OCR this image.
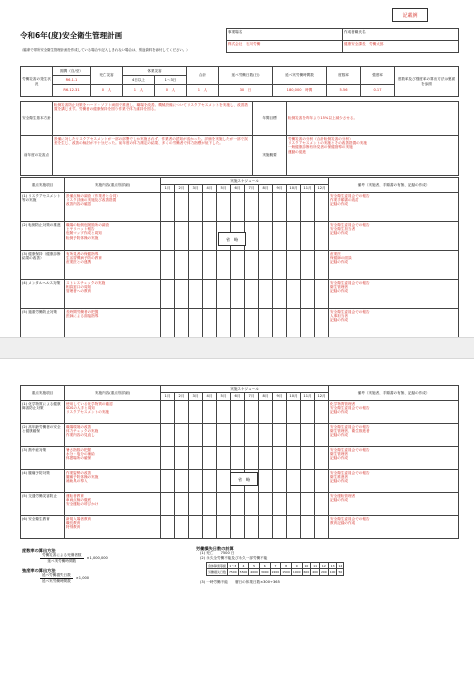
記載例
令和6年(度)安全衛生管理計画
（脇命で帯所安全衛生管理計画を作成している場合や記入しきれない場合は、別途資料を添付してください。）
事業場名	作成者職氏名
株式会社　石川労働	健康安全課長　労働太郎
労働災害の発生状況	期間（自/至）	死亡災害	休業災害		合計	延べ労働日数(日)	延べ実労働時間数	度数率	強度率	度数率及び強度率の算出方法は裏面を参照
	R6.1.1		4日以上	1〜3日						
	R6.12.31	0　人	1　人	0　人	1　人	30　日	180,000　時間	5.56	0.17	
安全衛生基本方針	転倒災害防止対策をハード・ソフト両面で推進し、職場を改善。機械設備についてリスクアセスメントを実施し、改善措置を講じます。労働者の健康保持を図り作業で体力維持を図る。	年間目標	転倒災害を昨年より15%以上減少させる。
前年度の災害点	設備に対したリスクアセスメントが一部の部署でしか実施されず、作業者の認知が浅かった。評価を実施したが一部で誤差を生じ、改善の検討が不十分だった。前年度の体力測定の結果、多くの労働者で体力指標が低下した。	実施概要	労働災害の分析（合計転倒災害の分析）
リスクアセスメントの実施とその改善措置の実施
一般健康診断有所見者の保健指導の実施
運動の促進
重点実施項目	実施内容(重点別詳細)	実施スケジュール												備考（実施者、手順書の有無、記録の作成）
		1月	2月	3月	4月	5月	6月	7月	8月	9月	10月	11月	12月	
(1) リスクアセスメント等の実施	設備点検の調査（作業者と合同）
リスク評価の実施及び改善措置
改善内容の確認													安全衛生委員会での報告
作業手順書の改訂
記録の作成
(2) 転倒防止対策の推進	職場の転倒危険箇所の調査
ヒヤリハット報告
危険マップ作成と周知
転倒予防体操の実施													安全衛生委員会での報告
安全衛生担当者
記録の作成
(3) 健康保持（健康診断結果の改善）	有所見者の保健指導
生活習慣病予防の教育
産業医との連携													産業医
保健師の面談
記録の作成
(4) メンタルヘルス対策	ストレスチェックの実施
相談窓口の周知
管理者への教育													安全衛生委員会での報告
衛生管理者
記録の作成
(5) 過重労働防止対策	長時間労働者の把握
医師による面接指導													安全衛生委員会での報告
人事担当者
記録の作成
省　略
重点実施項目	実施内容(重点別詳細)	実施スケジュール												備考（実施者、手順書の有無、記録の作成）
		1月	2月	3月	4月	5月	6月	7月	8月	9月	10月	11月	12月	
(1) 化学物質による健康障害防止対策	使用している化学物質の確認
SDSの入手と周知
リスクアセスメントの実施													化学物質管理者
安全衛生委員会での報告
記録の作成
(2) 高年齢労働者の安全と健康確保	職場環境の改善
体力チェックの実施
作業内容の見直し													安全衛生委員会での報告
衛生管理者、衛生推進者
記録の作成
(3) 熱中症対策	暑さ指数の把握
水分・塩分の補給
休憩場所の確保													安全衛生委員会での報告
衛生管理者
記録の作成
(4) 腰痛予防対策	作業姿勢の改善
腰痛予防体操の実施
補助具の導入													安全衛生委員会での報告
衛生推進者
記録の作成
(5) 交通労働災害防止	運転者教育
車両点検の徹底
安全運転の呼びかけ													安全運転管理者
記録の作成
(6) 安全衛生教育	新規入場者教育
職長教育
特別教育													安全衛生委員会での報告
教育記録の作成
省　略
度数率の算出方法
労働災害による死傷者数
延べ実労働時間数
×1,000,000
強度率の算出方法
延べ労働損失日数
延べ実労働時間数
×1,000
労働損失日数の計算
(1) 死亡　　7500 日
(2) 永久全労働不能及び永久一部労働不能
身体障害等級	1〜3	4	5	6	7	8	9	10	11	12	13	14
労働損失日数	7500	5500	4000	3000	2200	1500	1000	600	400	200	100	50
(3) 一時労働不能　　暦日の休業日数×300÷365
